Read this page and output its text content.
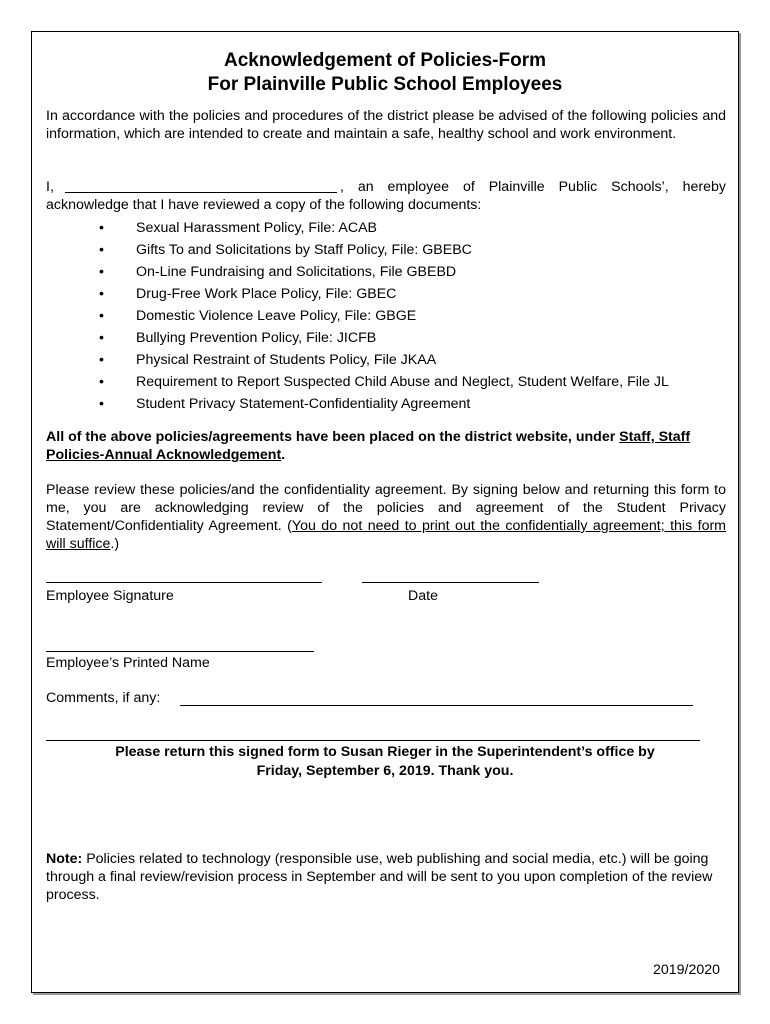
Acknowledgement of Policies-Form
For Plainville Public School Employees
In accordance with the policies and procedures of the district please be advised of the following policies and information, which are intended to create and maintain a safe, healthy school and work environment.
I,	, an employee of Plainville Public Schools’, hereby
acknowledge that I have reviewed a copy of the following documents:
• Sexual Harassment Policy, File: ACAB
• Gifts To and Solicitations by Staff Policy, File: GBEBC
• On-Line Fundraising and Solicitations, File GBEBD
• Drug-Free Work Place Policy, File: GBEC
• Domestic Violence Leave Policy, File: GBGE
• Bullying Prevention Policy, File: JICFB
• Physical Restraint of Students Policy, File JKAA
• Requirement to Report Suspected Child Abuse and Neglect, Student Welfare, File JL
• Student Privacy Statement-Confidentiality Agreement
All of the above policies/agreements have been placed on the district website, under Staff, Staff Policies-Annual Acknowledgement.
Please review these policies/and the confidentiality agreement. By signing below and returning this form to me, you are acknowledging review of the policies and agreement of the Student Privacy Statement/Confidentiality Agreement. (You do not need to print out the confidentially agreement; this form will suffice.)
Employee Signature	Date
Employee’s Printed Name
Comments, if any:
Please return this signed form to Susan Rieger in the Superintendent’s office by
Friday, September 6, 2019. Thank you.
Note: Policies related to technology (responsible use, web publishing and social media, etc.) will be going through a final review/revision process in September and will be sent to you upon completion of the review process.
2019/2020
